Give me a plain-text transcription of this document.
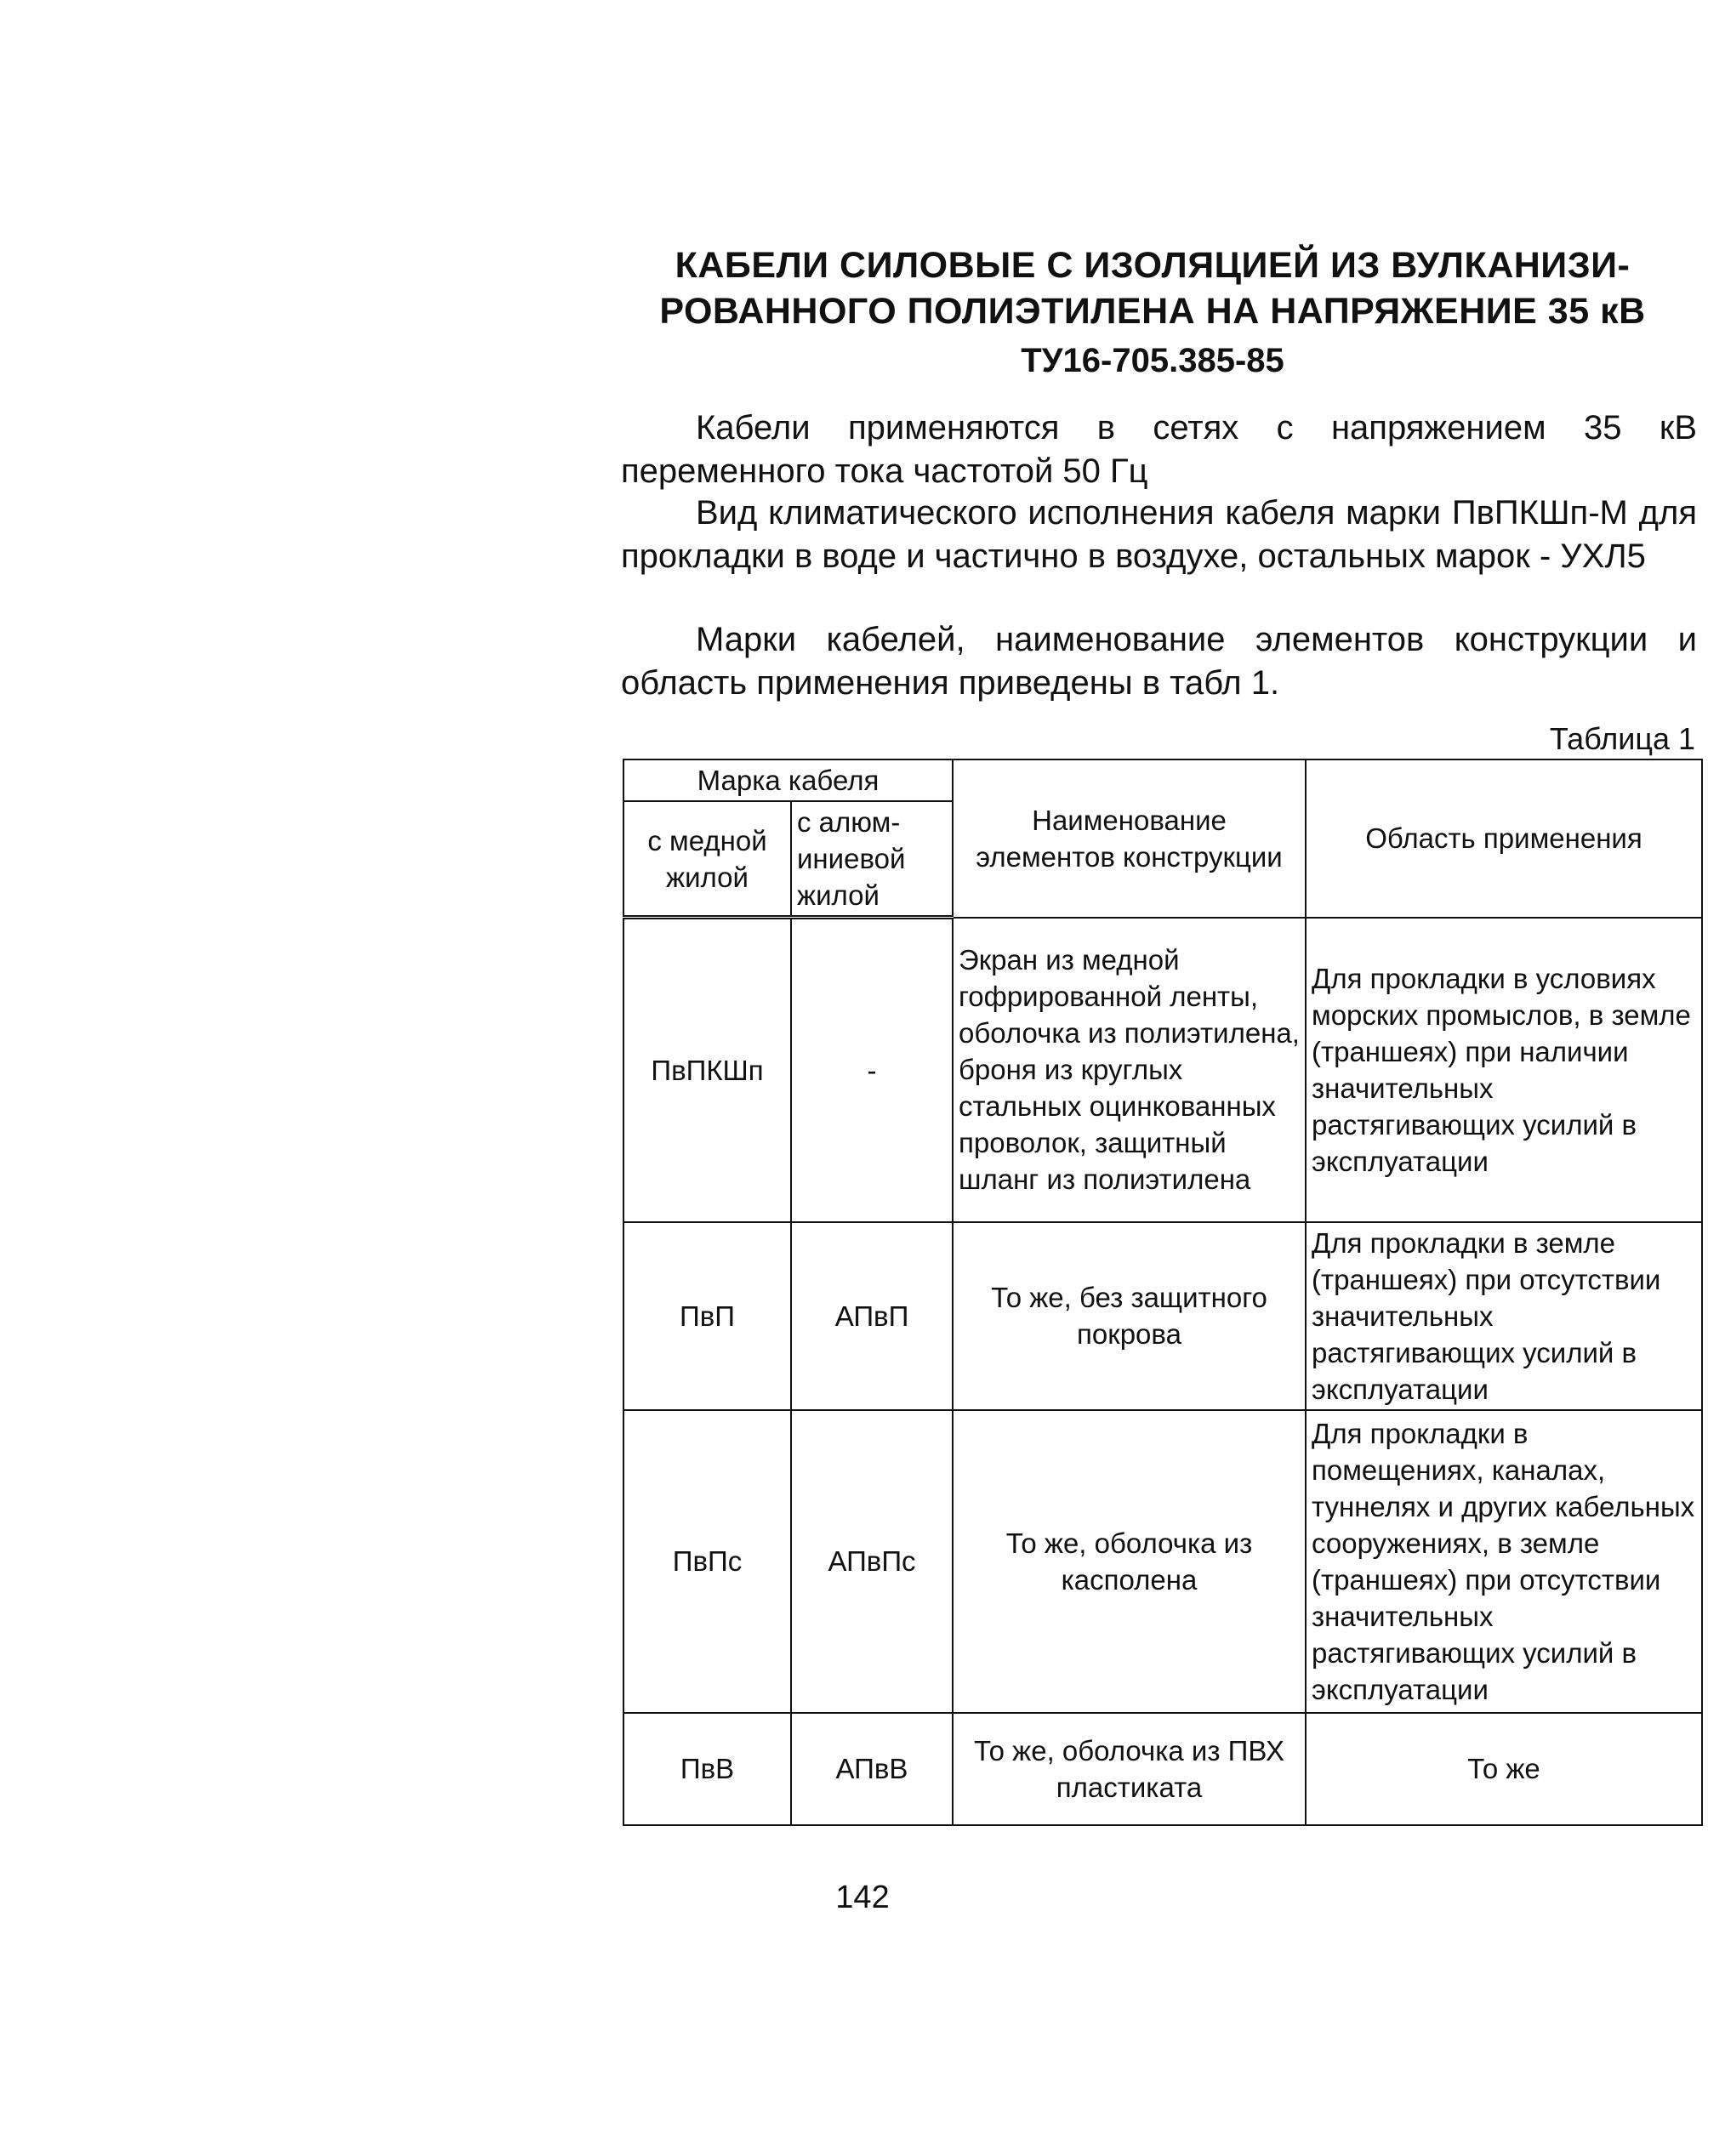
КАБЕЛИ СИЛОВЫЕ С ИЗОЛЯЦИЕЙ ИЗ ВУЛКАНИЗИ-
РОВАННОГО ПОЛИЭТИЛЕНА НА НАПРЯЖЕНИЕ 35 кВ
ТУ16-705.385-85

Кабели применяются в сетях с напряжением 35 кВ переменного тока частотой 50 Гц

Вид климатического исполнения кабеля марки ПвПКШп-М для прокладки в воде и частично в воздухе, остальных марок - УХЛ5

Марки кабелей, наименование элементов конструкции и область применения приведены в табл 1.

Таблица 1
Марка кабеля		Наименование элементов конструкции	Область применения
с медной жилой	с алюм- иниевой жилой		
ПвПКШп	-	Экран из медной гофрированной ленты, оболочка из полиэтилена, броня из круглых стальных оцинкованных проволок, защитный шланг из полиэтилена	Для прокладки в условиях морских промыслов, в земле (траншеях) при наличии значительных растягивающих усилий в эксплуатации
ПвП	АПвП	То же, без защитного покрова	Для прокладки в земле (траншеях) при отсутствии значительных растягивающих усилий в эксплуатации
ПвПс	АПвПс	То же, оболочка из касполена	Для прокладки в помещениях, каналах, туннелях и других кабельных сооружениях, в земле (траншеях) при отсутствии значительных растягивающих усилий в эксплуатации
ПвВ	АПвВ	То же, оболочка из ПВХ пластиката	То же
142
